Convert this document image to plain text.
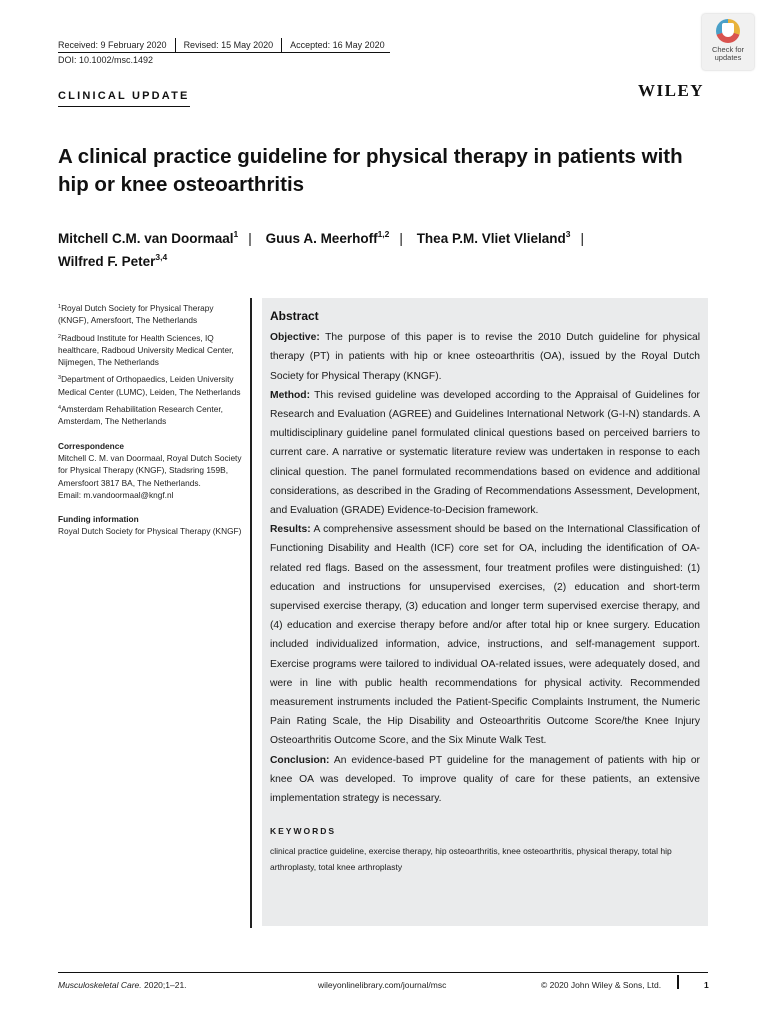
Received: 9 February 2020 Revised: 15 May 2020 Accepted: 16 May 2020
DOI: 10.1002/msc.1492
Check for updates
CLINICAL UPDATE	WILEY
A clinical practice guideline for physical therapy in patients with hip or knee osteoarthritis
Mitchell C.M. van Doormaal$^1$ | Guus A. Meerhoff$^{1,2}$ | Thea P.M. Vliet Vlieland$^3$ |
Wilfred F. Peter$^{3,4}$
$^1$Royal Dutch Society for Physical Therapy (KNGF), Amersfoort, The Netherlands
$^2$Radboud Institute for Health Sciences, IQ healthcare, Radboud University Medical Center, Nijmegen, The Netherlands
$^3$Department of Orthopaedics, Leiden University Medical Center (LUMC), Leiden, The Netherlands
$^4$Amsterdam Rehabilitation Research Center, Amsterdam, The Netherlands
Correspondence

Mitchell C. M. van Doormaal, Royal Dutch Society for Physical Therapy (KNGF), Stadsring 159B, Amersfoort 3817 BA, The Netherlands.

Email: m.vandoormaal@kngf.nl

Funding information

Royal Dutch Society for Physical Therapy (KNGF)

Abstract

Objective: The purpose of this paper is to revise the 2010 Dutch guideline for physical therapy (PT) in patients with hip or knee osteoarthritis (OA), issued by the Royal Dutch Society for Physical Therapy (KNGF).

Method: This revised guideline was developed according to the Appraisal of Guidelines for Research and Evaluation (AGREE) and Guidelines International Network (G-I-N) standards. A multidisciplinary guideline panel formulated clinical questions based on perceived barriers to current care. A narrative or systematic literature review was undertaken in response to each clinical question. The panel formulated recommendations based on evidence and additional considerations, as described in the Grading of Recommendations Assessment, Development, and Evaluation (GRADE) Evidence-to-Decision framework.

Results: A comprehensive assessment should be based on the International Classification of Functioning Disability and Health (ICF) core set for OA, including the identification of OA-related red flags. Based on the assessment, four treatment profiles were distinguished: (1) education and instructions for unsupervised exercises, (2) education and short-term supervised exercise therapy, (3) education and longer term supervised exercise therapy, and (4) education and exercise therapy before and/or after total hip or knee surgery. Education included individualized information, advice, instructions, and self-management support. Exercise programs were tailored to individual OA-related issues, were adequately dosed, and were in line with public health recommendations for physical activity. Recommended measurement instruments included the Patient-Specific Complaints Instrument, the Numeric Pain Rating Scale, the Hip Disability and Osteoarthritis Outcome Score/the Knee Injury Osteoarthritis Outcome Score, and the Six Minute Walk Test.

Conclusion: An evidence-based PT guideline for the management of patients with hip or knee OA was developed. To improve quality of care for these patients, an extensive implementation strategy is necessary.

KEYWORDS
clinical practice guideline, exercise therapy, hip osteoarthritis, knee osteoarthritis, physical therapy, total hip arthroplasty, total knee arthroplasty
Musculoskeletal Care. 2020;1–21.	wileyonlinelibrary.com/journal/msc	© 2020 John Wiley & Sons, Ltd.	1
